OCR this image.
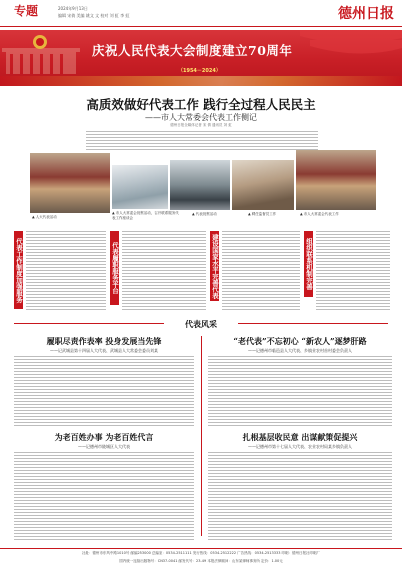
专题	2024年9月13日
编辑 宋倩 美编 姚文 文 校对 刘 虹 李 虹	德州日报
庆祝人民代表大会制度建立70周年
（1954－2024）
高质效做好代表工作 践行全过程人民民主
——市人大常委会代表工作侧记
德州日报全媒体记者 宋 倩 通讯员 刘 虹
▲ 人大代表活动
▲ 市人大常委会视察活动，召开联系服务代表工作座谈会
▲ 代表视察活动	▲ 聘任监督员工作	▲ 市人大常委会代表工作
代表工作制度加强服务	代表履职服务平台	建设国家水平完善代表	组织联系机制完善
代表风采
履职尽责作表率 投身发展当先锋
——记武城县第十四届人大代表、武城县人大常委会委员刘某
“老代表”不忘初心 “新农人”逐梦肝路
——记德州市临邑县人大代表、乡镇业农村首村委会负责人
为老百姓办事 为老百姓代言
——记德州市陵城区人大代表
扎根基层收民意 出谋献策促提兴
——记德州市第十七届人大代表、农业农村局某乡镇负责人
社址：德州市东风中路1010号 邮编253000 总编室：0534-2511111 发行热线：0534-2512222 广告热线：0534-2513333 印刷：德州日报社印刷厂
国内统一连续出版物号：CN37-0041 邮发代号：23-49 本报法律顾问：山东某律师事务所 定价：1.00元
